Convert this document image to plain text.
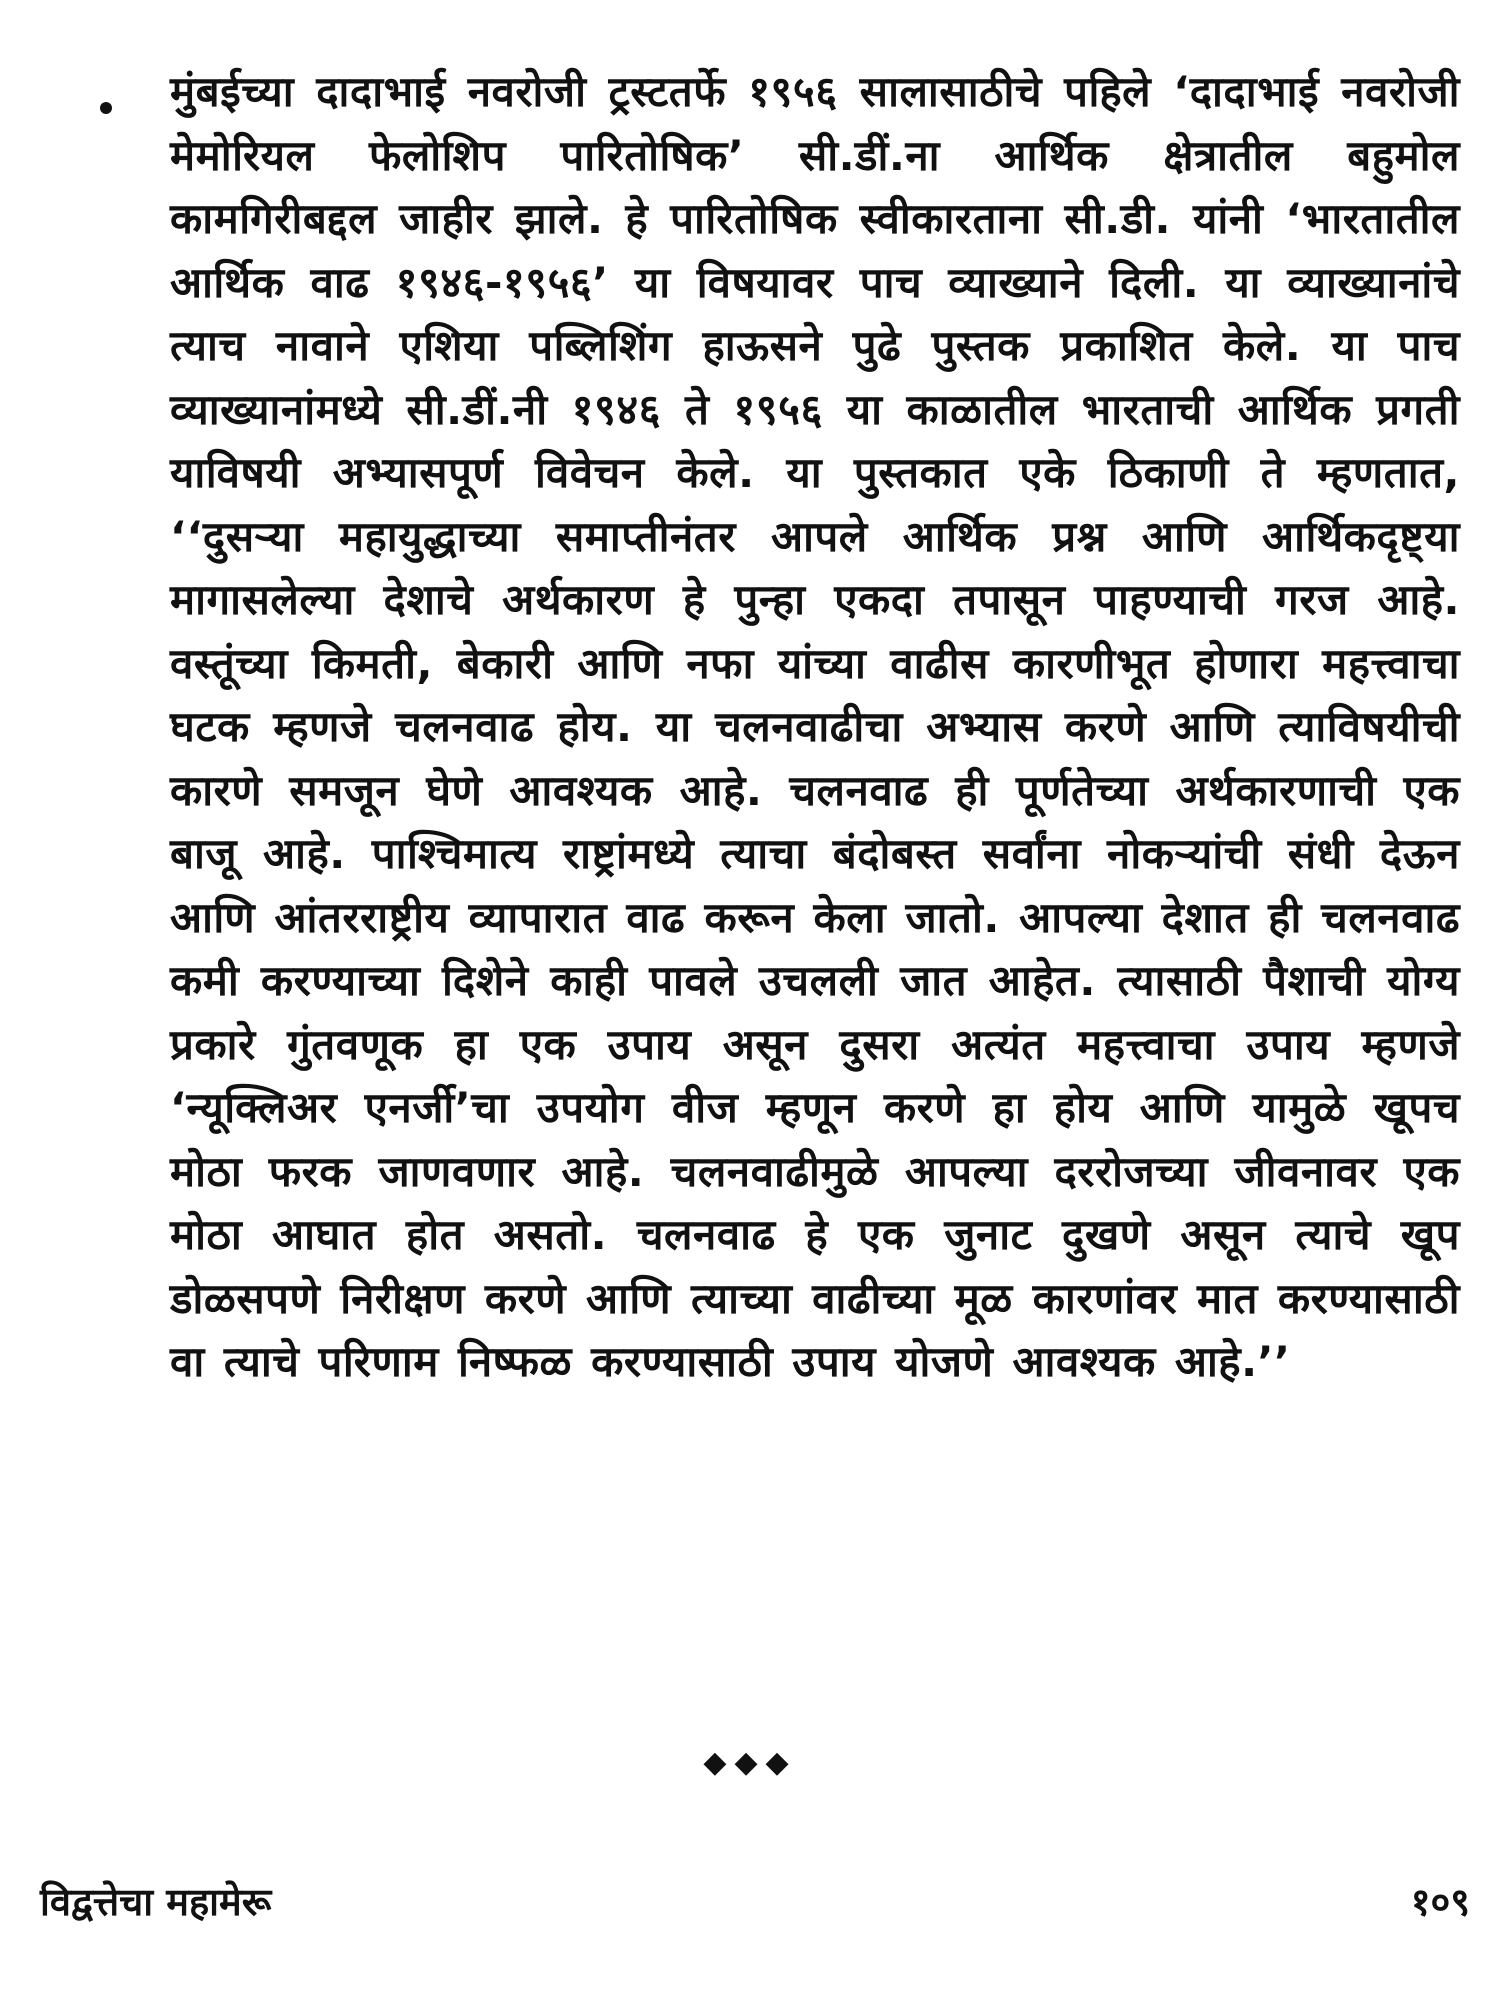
मुंबईच्या दादाभाई नवरोजी ट्रस्टतर्फे १९५६ सालासाठीचे पहिले ‘दादाभाई नवरोजी मेमोरियल फेलोशिप पारितोषिक’ सी.डीं.ना आर्थिक क्षेत्रातील बहुमोल कामगिरीबद्दल जाहीर झाले. हे पारितोषिक स्वीकारताना सी.डी. यांनी ‘भारतातील आर्थिक वाढ १९४६-१९५६’ या विषयावर पाच व्याख्याने दिली. या व्याख्यानांचे त्याच नावाने एशिया पब्लिशिंग हाऊसने पुढे पुस्तक प्रकाशित केले. या पाच व्याख्यानांमध्ये सी.डीं.नी १९४६ ते १९५६ या काळातील भारताची आर्थिक प्रगती याविषयी अभ्यासपूर्ण विवेचन केले. या पुस्तकात एके ठिकाणी ते म्हणतात, ‘‘दुसऱ्या महायुद्धाच्या समाप्तीनंतर आपले आर्थिक प्रश्न आणि आर्थिकदृष्ट्या मागासलेल्या देशाचे अर्थकारण हे पुन्हा एकदा तपासून पाहण्याची गरज आहे. वस्तूंच्या किमती, बेकारी आणि नफा यांच्या वाढीस कारणीभूत होणारा महत्त्वाचा घटक म्हणजे चलनवाढ होय. या चलनवाढीचा अभ्यास करणे आणि त्याविषयीची कारणे समजून घेणे आवश्यक आहे. चलनवाढ ही पूर्णतेच्या अर्थकारणाची एक बाजू आहे. पाश्चिमात्य राष्ट्रांमध्ये त्याचा बंदोबस्त सर्वांना नोकऱ्यांची संधी देऊन आणि आंतरराष्ट्रीय व्यापारात वाढ करून केला जातो. आपल्या देशात ही चलनवाढ कमी करण्याच्या दिशेने काही पावले उचलली जात आहेत. त्यासाठी पैशाची योग्य प्रकारे गुंतवणूक हा एक उपाय असून दुसरा अत्यंत महत्त्वाचा उपाय म्हणजे ‘न्यूक्लिअर एनर्जी’चा उपयोग वीज म्हणून करणे हा होय आणि यामुळे खूपच मोठा फरक जाणवणार आहे. चलनवाढीमुळे आपल्या दररोजच्या जीवनावर एक मोठा आघात होत असतो. चलनवाढ हे एक जुनाट दुखणे असून त्याचे खूप डोळसपणे निरीक्षण करणे आणि त्याच्या वाढीच्या मूळ कारणांवर मात करण्यासाठी वा त्याचे परिणाम निष्फळ करण्यासाठी उपाय योजणे आवश्यक आहे.’’

◆◆◆
विद्वत्तेचा महामेरू	१०९
